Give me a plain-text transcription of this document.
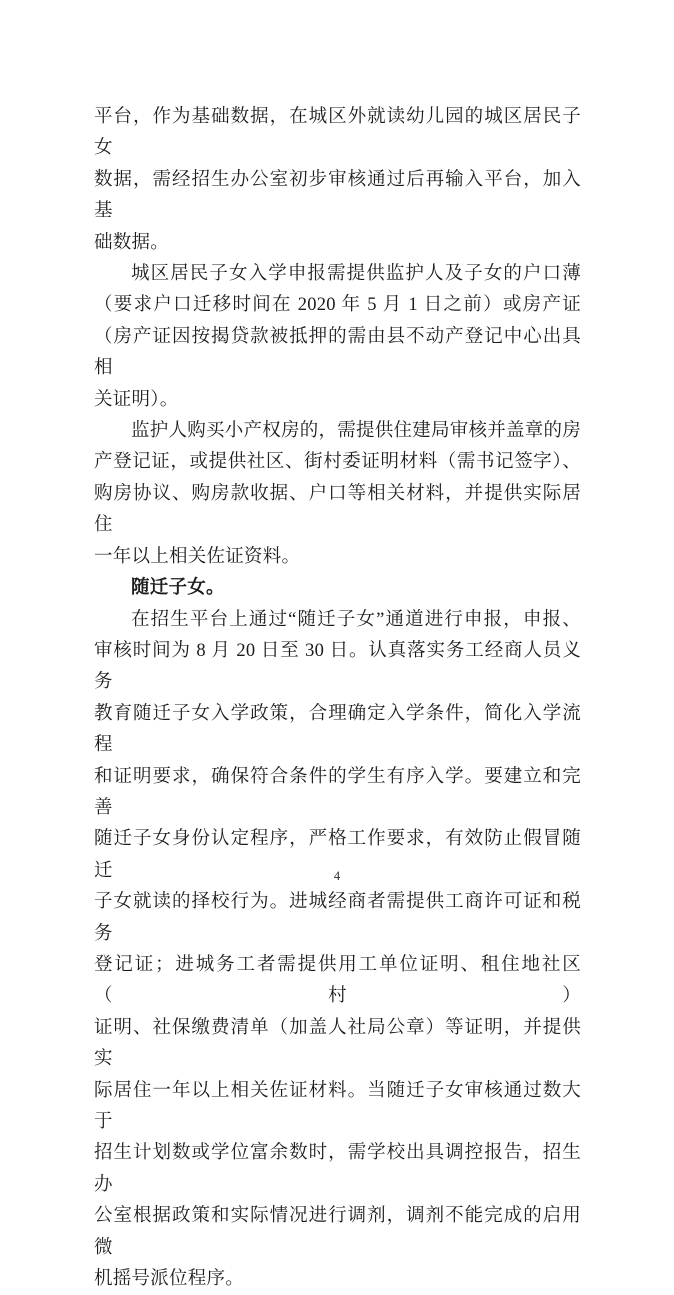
平台，作为基础数据，在城区外就读幼儿园的城区居民子女
数据，需经招生办公室初步审核通过后再输入平台，加入基
础数据。
城区居民子女入学申报需提供监护人及子女的户口薄
（要求户口迁移时间在 2020 年 5 月 1 日之前）或房产证
（房产证因按揭贷款被抵押的需由县不动产登记中心出具相
关证明）。
监护人购买小产权房的，需提供住建局审核并盖章的房
产登记证，或提供社区、街村委证明材料（需书记签字）、
购房协议、购房款收据、户口等相关材料，并提供实际居住
一年以上相关佐证资料。
随迁子女。
在招生平台上通过“随迁子女”通道进行申报，申报、
审核时间为 8 月 20 日至 30 日。认真落实务工经商人员义务
教育随迁子女入学政策，合理确定入学条件，简化入学流程
和证明要求，确保符合条件的学生有序入学。要建立和完善
随迁子女身份认定程序，严格工作要求，有效防止假冒随迁
子女就读的择校行为。进城经商者需提供工商许可证和税务
登记证；进城务工者需提供用工单位证明、租住地社区（村）
证明、社保缴费清单（加盖人社局公章）等证明，并提供实
际居住一年以上相关佐证材料。当随迁子女审核通过数大于
招生计划数或学位富余数时，需学校出具调控报告，招生办
公室根据政策和实际情况进行调剂，调剂不能完成的启用微
机摇号派位程序。
4
